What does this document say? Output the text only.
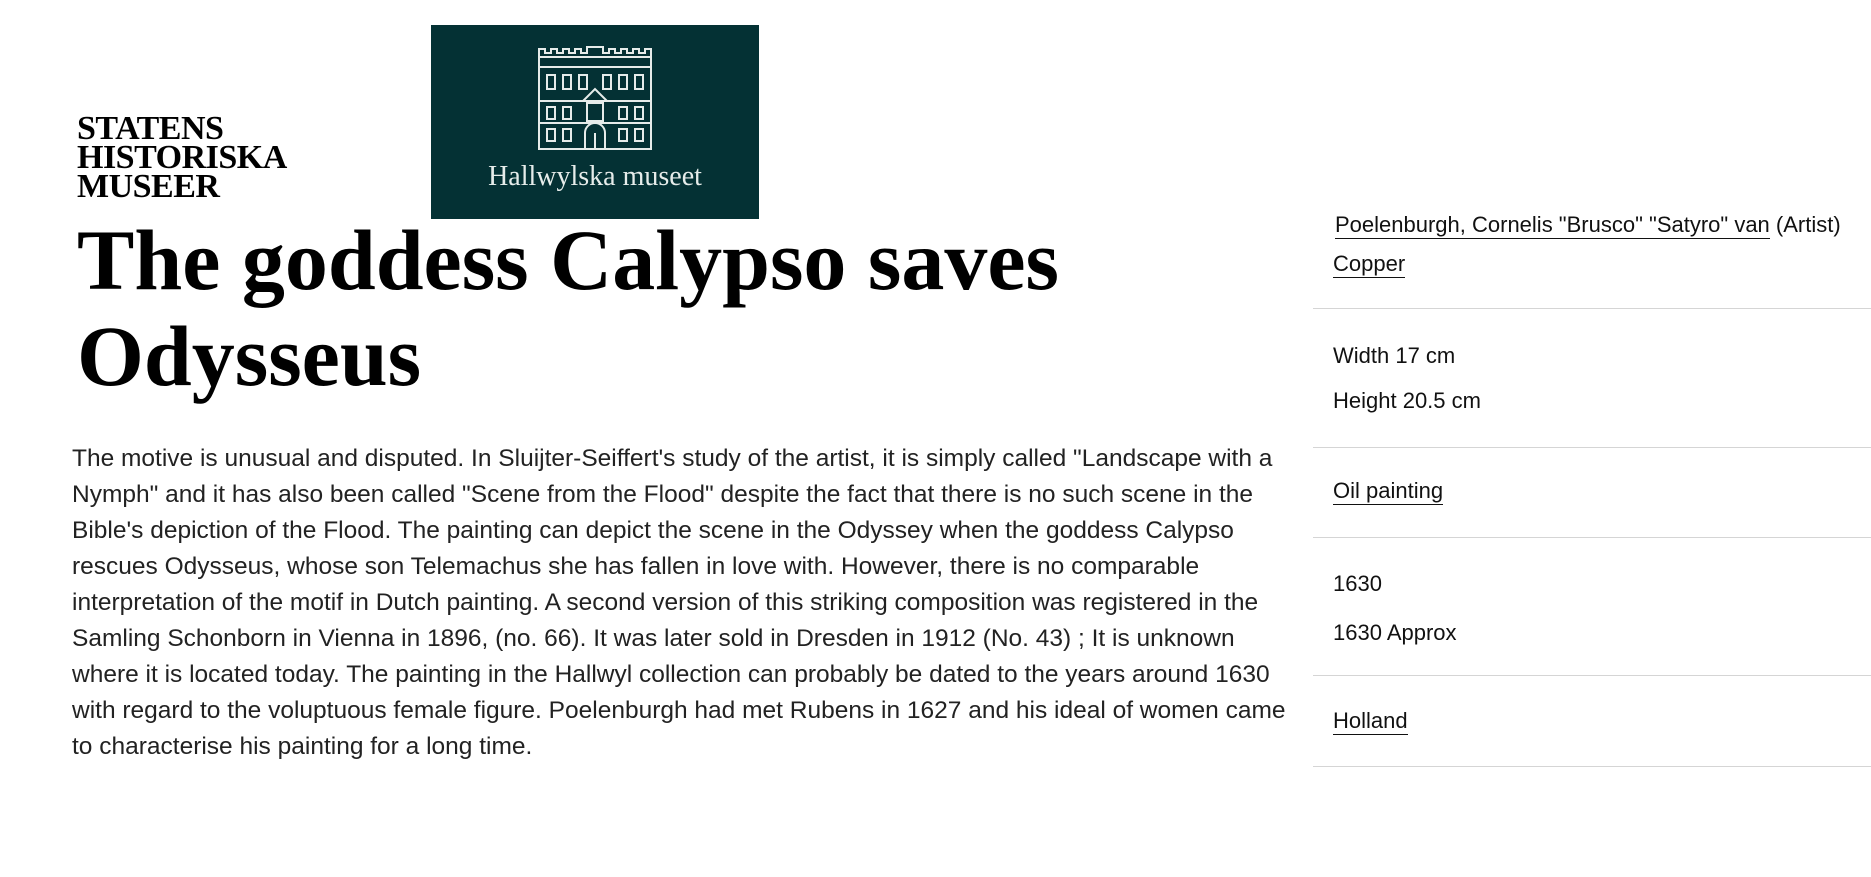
STATENS
HISTORISKA
MUSEER	Hallwylska museet
The goddess Calypso saves Odysseus

The motive is unusual and disputed. In Sluijter-Seiffert's study of the artist, it is simply called "Landscape with a Nymph" and it has also been called "Scene from the Flood" despite the fact that there is no such scene in the Bible's depiction of the Flood. The painting can depict the scene in the Odyssey when the goddess Calypso rescues Odysseus, whose son Telemachus she has fallen in love with. However, there is no comparable interpretation of the motif in Dutch painting. A second version of this striking composition was registered in the Samling Schonborn in Vienna in 1896, (no. 66). It was later sold in Dresden in 1912 (No. 43) ; It is unknown where it is located today. The painting in the Hallwyl collection can probably be dated to the years around 1630 with regard to the voluptuous female figure. Poelenburgh had met Rubens in 1627 and his ideal of women came to characterise his painting for a long time.

Poelenburgh, Cornelis "Brusco" "Satyro" van (Artist)
Copper
Width 17 cm
Height 20.5 cm
Oil painting
1630
1630 Approx
Holland
